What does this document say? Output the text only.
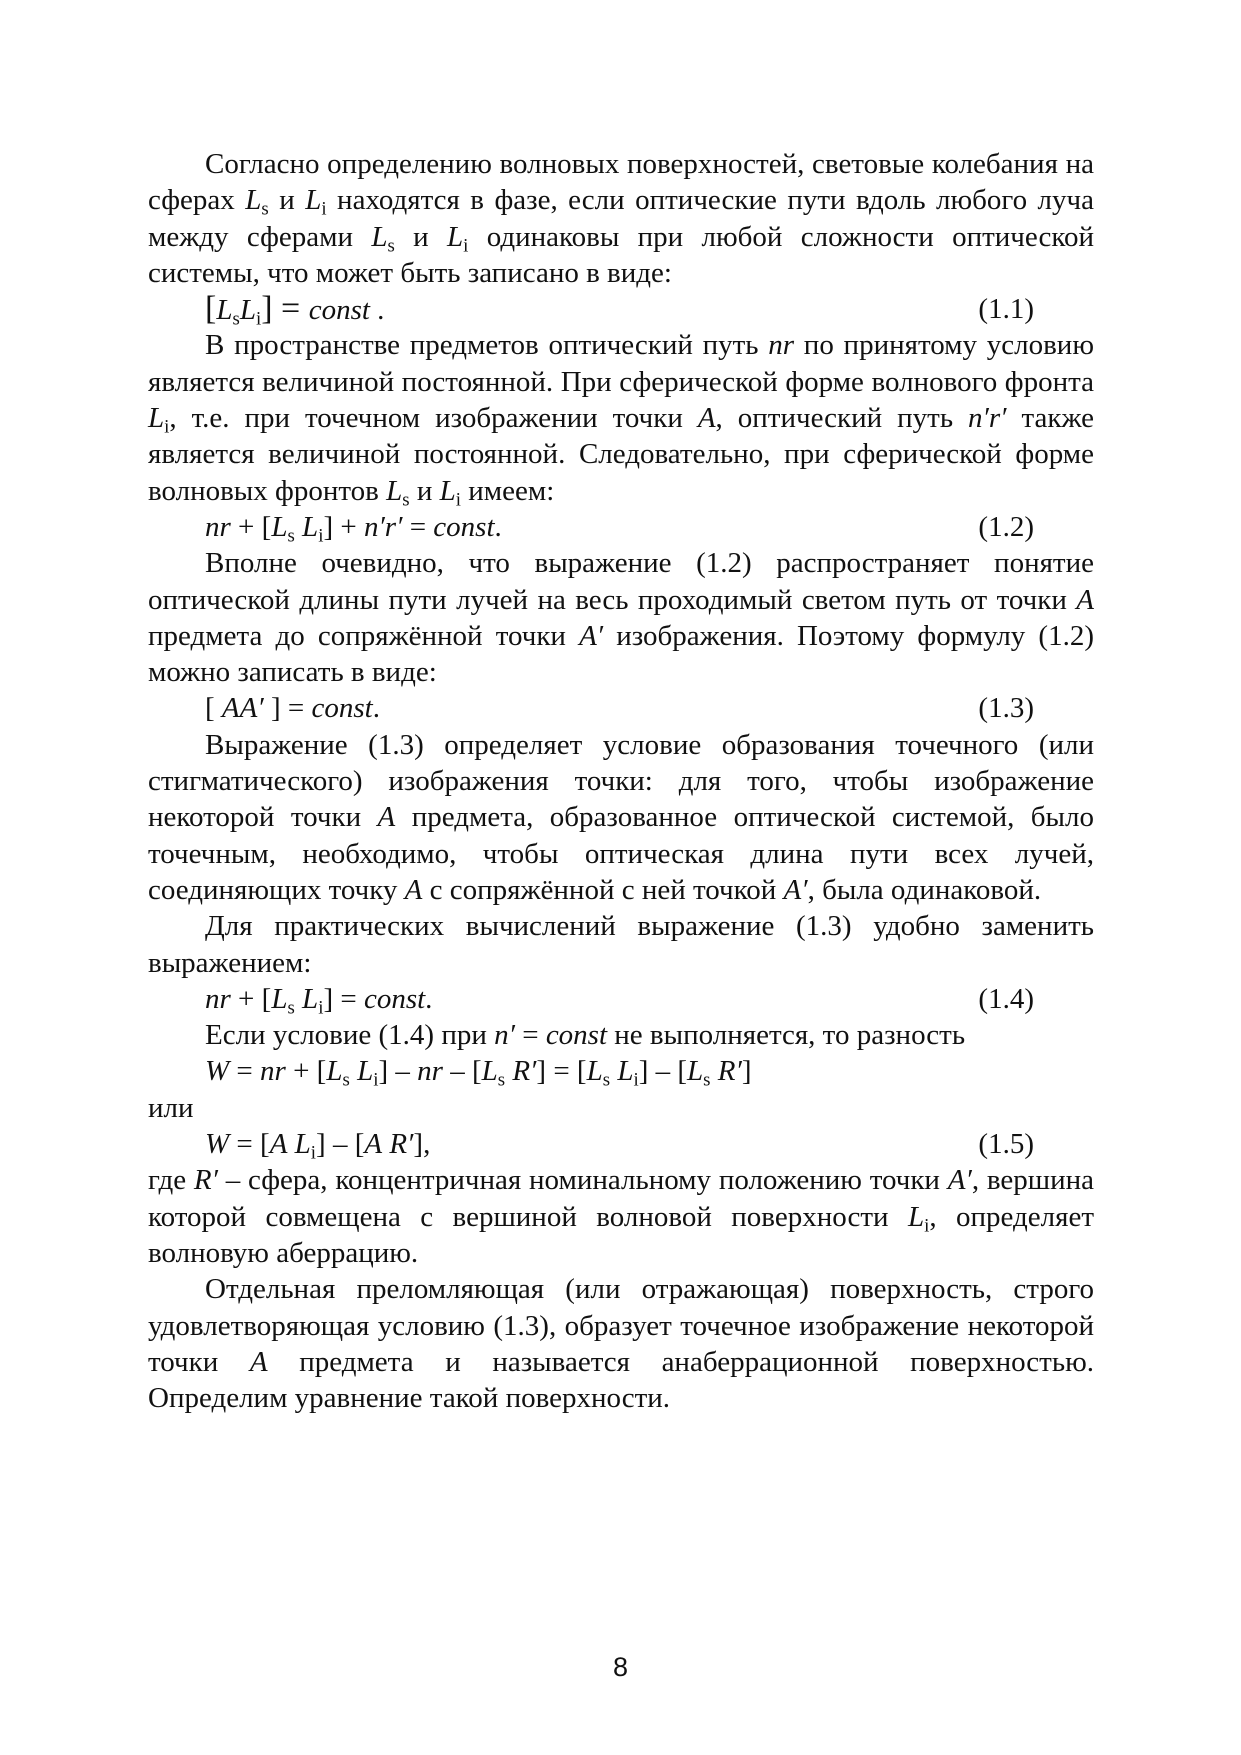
Согласно определению волновых поверхностей, световые колебания на сферах $L_s$ и $L_i$ находятся в фазе, если оптические пути вдоль любого луча между сферами $L_s$ и $L_i$ одинаковы при любой сложности оптической системы, что может быть записано в виде:

$[L_sL_i]$ = const .	(1.1)

В пространстве предметов оптический путь nr по принятому условию является величиной постоянной. При сферической форме волнового фронта $L_i$, т.е. при точечном изображении точки A, оптический путь n′r′ также является величиной постоянной. Следовательно, при сферической форме волновых фронтов $L_s$ и $L_i$ имеем:

nr + [$L_s$ $L_i] + n'r'$ = const.	(1.2)

Вполне очевидно, что выражение (1.2) распространяет понятие оптической длины пути лучей на весь проходимый светом путь от точки A предмета до сопряжённой точки A′ изображения. Поэтому формулу (1.2) можно записать в виде:

[ AA′ ] = const.	(1.3)

Выражение (1.3) определяет условие образования точечного (или стигматического) изображения точки: для того, чтобы изображение некоторой точки A предмета, образованное оптической системой, было точечным, необходимо, чтобы оптическая длина пути всех лучей, соединяющих точку A с сопряжённой с ней точкой A′, была одинаковой.

Для практических вычислений выражение (1.3) удобно заменить выражением:

nr + [$L_s$ $L_i$] = const.	(1.4)

Если условие (1.4) при n′ = const не выполняется, то разность

W = nr + [$L_s$ $L_i$] – nr – [$L_s$ $R'] = [L_s$ $L_i] - [L_s$ R′]
или
W = [A $L_i] - [A$ R′],	(1.5)

где R′ – сфера, концентричная номинальному положению точки A′, вершина которой совмещена с вершиной волновой поверхности $L_i$, определяет волновую аберрацию.

Отдельная преломляющая (или отражающая) поверхность, строго удовлетворяющая условию (1.3), образует точечное изображение некоторой точки A предмета и называется анаберрационной поверхностью. Определим уравнение такой поверхности.

8
